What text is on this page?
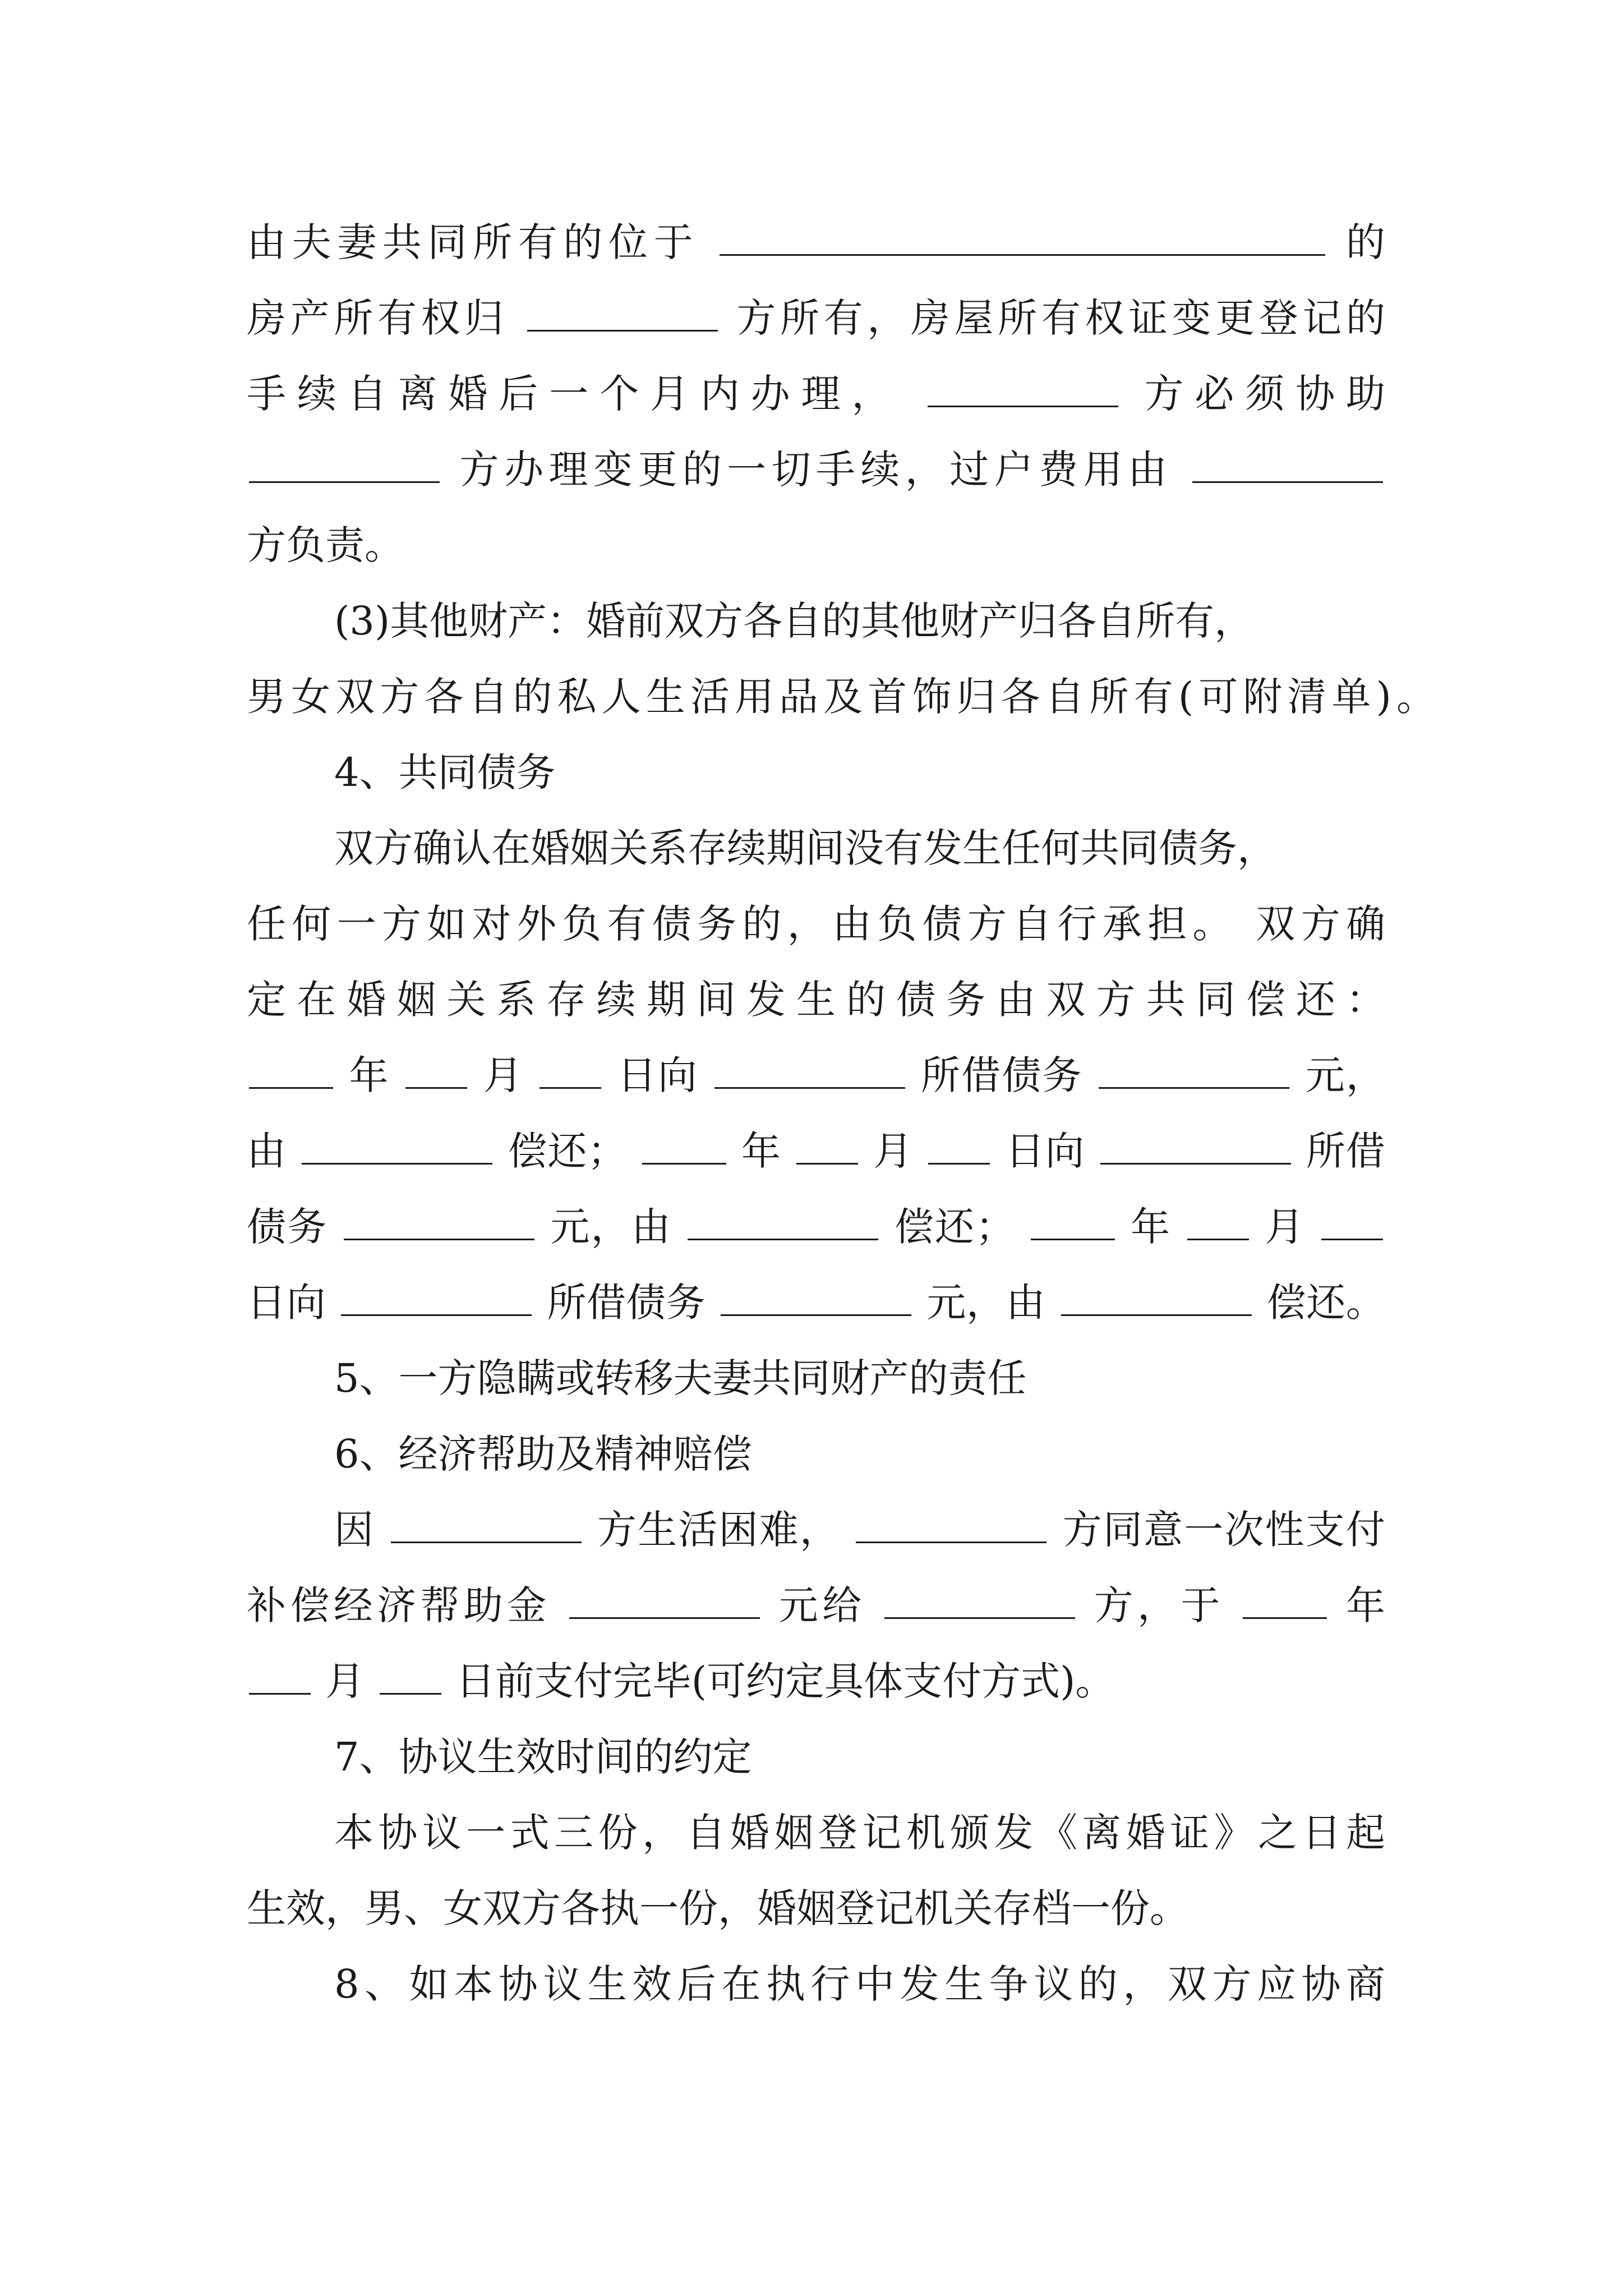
由夫妻共同所有的位于	的
房产所有权归	方所有，房屋所有权证变更登记的
手续自离婚后一个月内办理，	方必须协助
方办理变更的一切手续，过户费用由
方负责。
(3)其他财产：婚前双方各自的其他财产归各自所有，
男女双方各自的私人生活用品及首饰归各自所有(可附清单)。
4、共同债务
双方确认在婚姻关系存续期间没有发生任何共同债务，
任何一方如对外负有债务的，由负债方自行承担。 双方确
定在婚姻关系存续期间发生的债务由双方共同偿还：
年 月 日向	所借债务	元，
由	偿还；	年 月 日向	所借
债务	元，由	偿还；	年 月
日向	所借债务	元，由	偿还。
5、一方隐瞒或转移夫妻共同财产的责任
6、经济帮助及精神赔偿
因	方生活困难，	方同意一次性支付
补偿经济帮助金	元给	方，于	年
月 日前支付完毕(可约定具体支付方式)。
7、协议生效时间的约定
本协议一式三份，自婚姻登记机颁发《离婚证》之日起
生效，男、女双方各执一份，婚姻登记机关存档一份。
8、如本协议生效后在执行中发生争议的，双方应协商
